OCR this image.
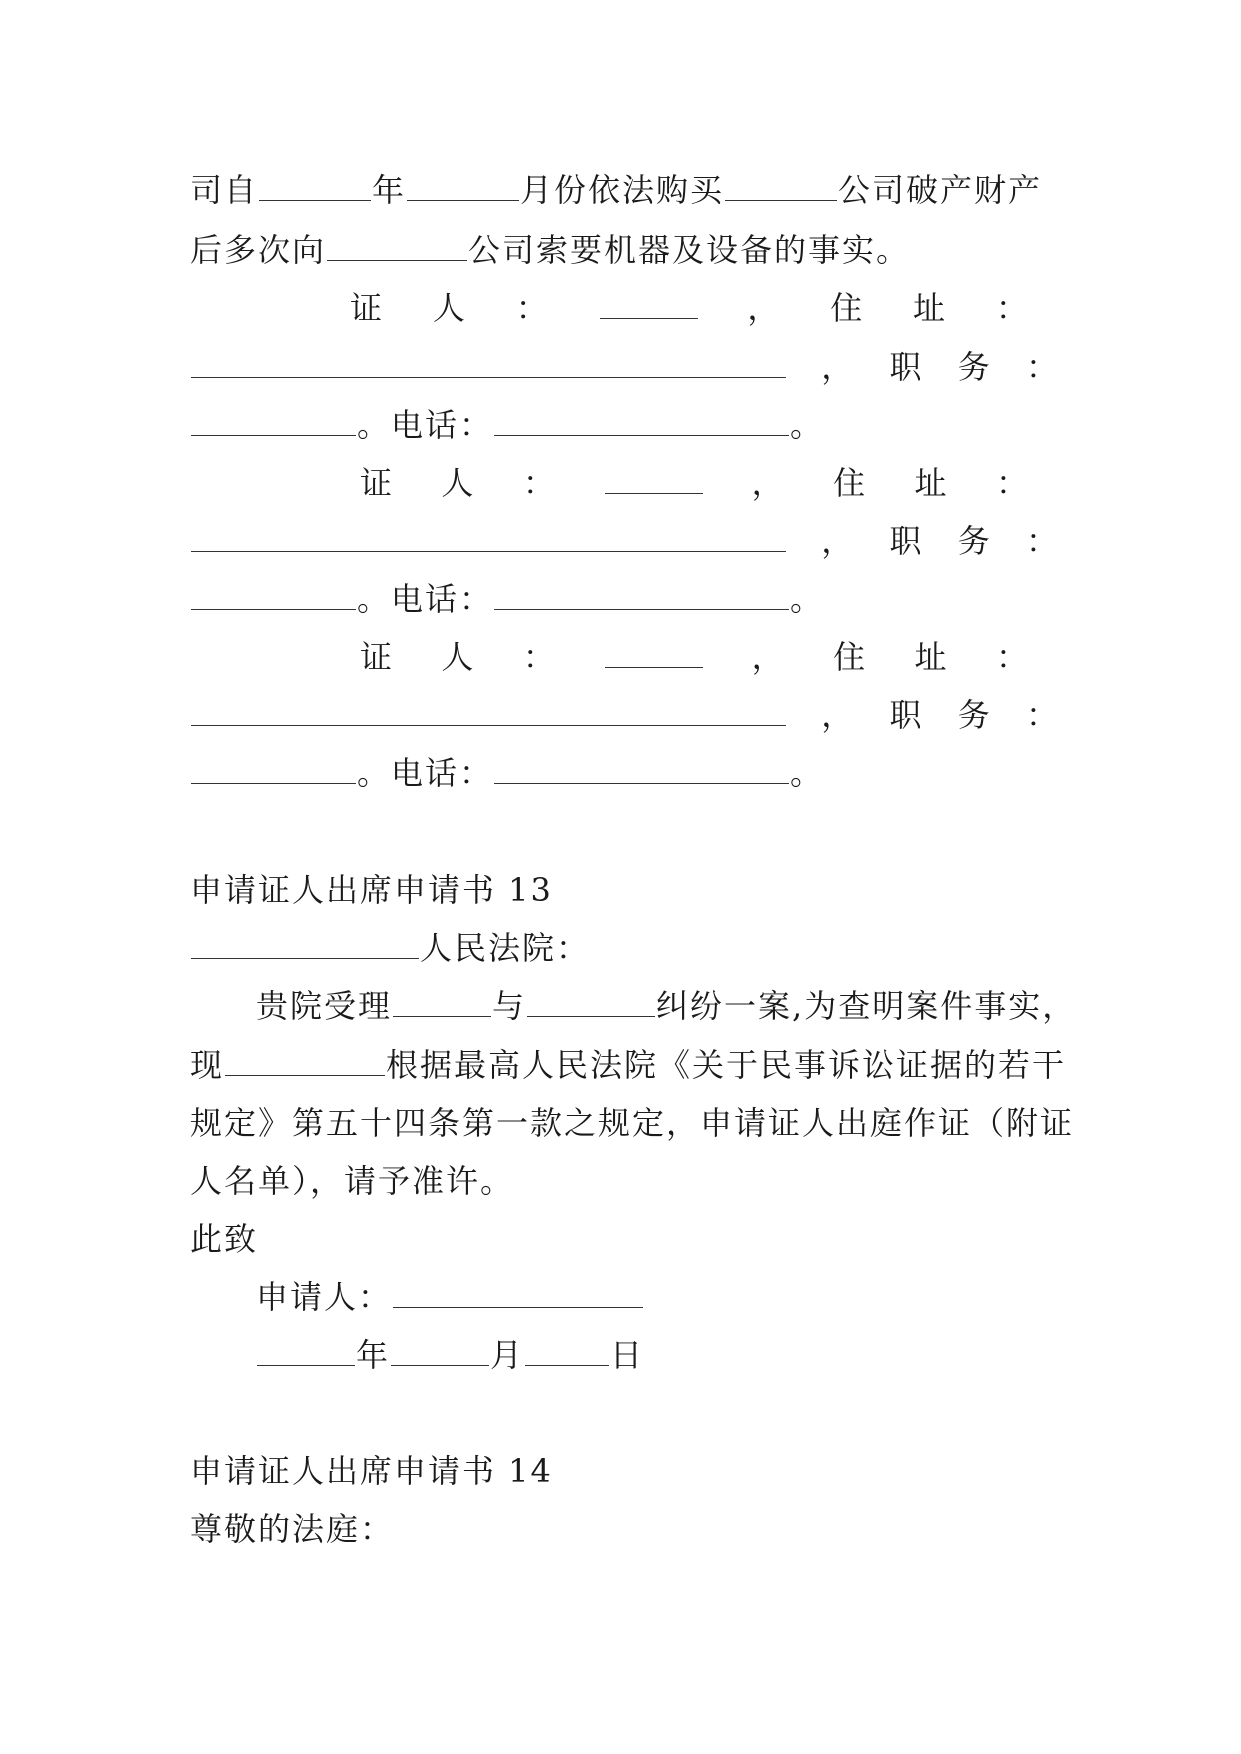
司自	年	月份依法购买	公司破产财产
后多次向	公司索要机器及设备的事实。
证 人 ：	， 住 址 ：
， 职 务 ：
。电话：	。
证 人 ：	， 住 址 ：
， 职 务 ：
。电话：	。
证 人 ：	， 住 址 ：
， 职 务 ：
。电话：	。
申请证人出席申请书 13
人民法院：
贵院受理	与	纠纷一案,为查明案件事实，
现	根据最高人民法院《关于民事诉讼证据的若干
规定》第五十四条第一款之规定，申请证人出庭作证（附证
人名单），请予准许。
此致
申请人：
年	月	日
申请证人出席申请书 14
尊敬的法庭：
